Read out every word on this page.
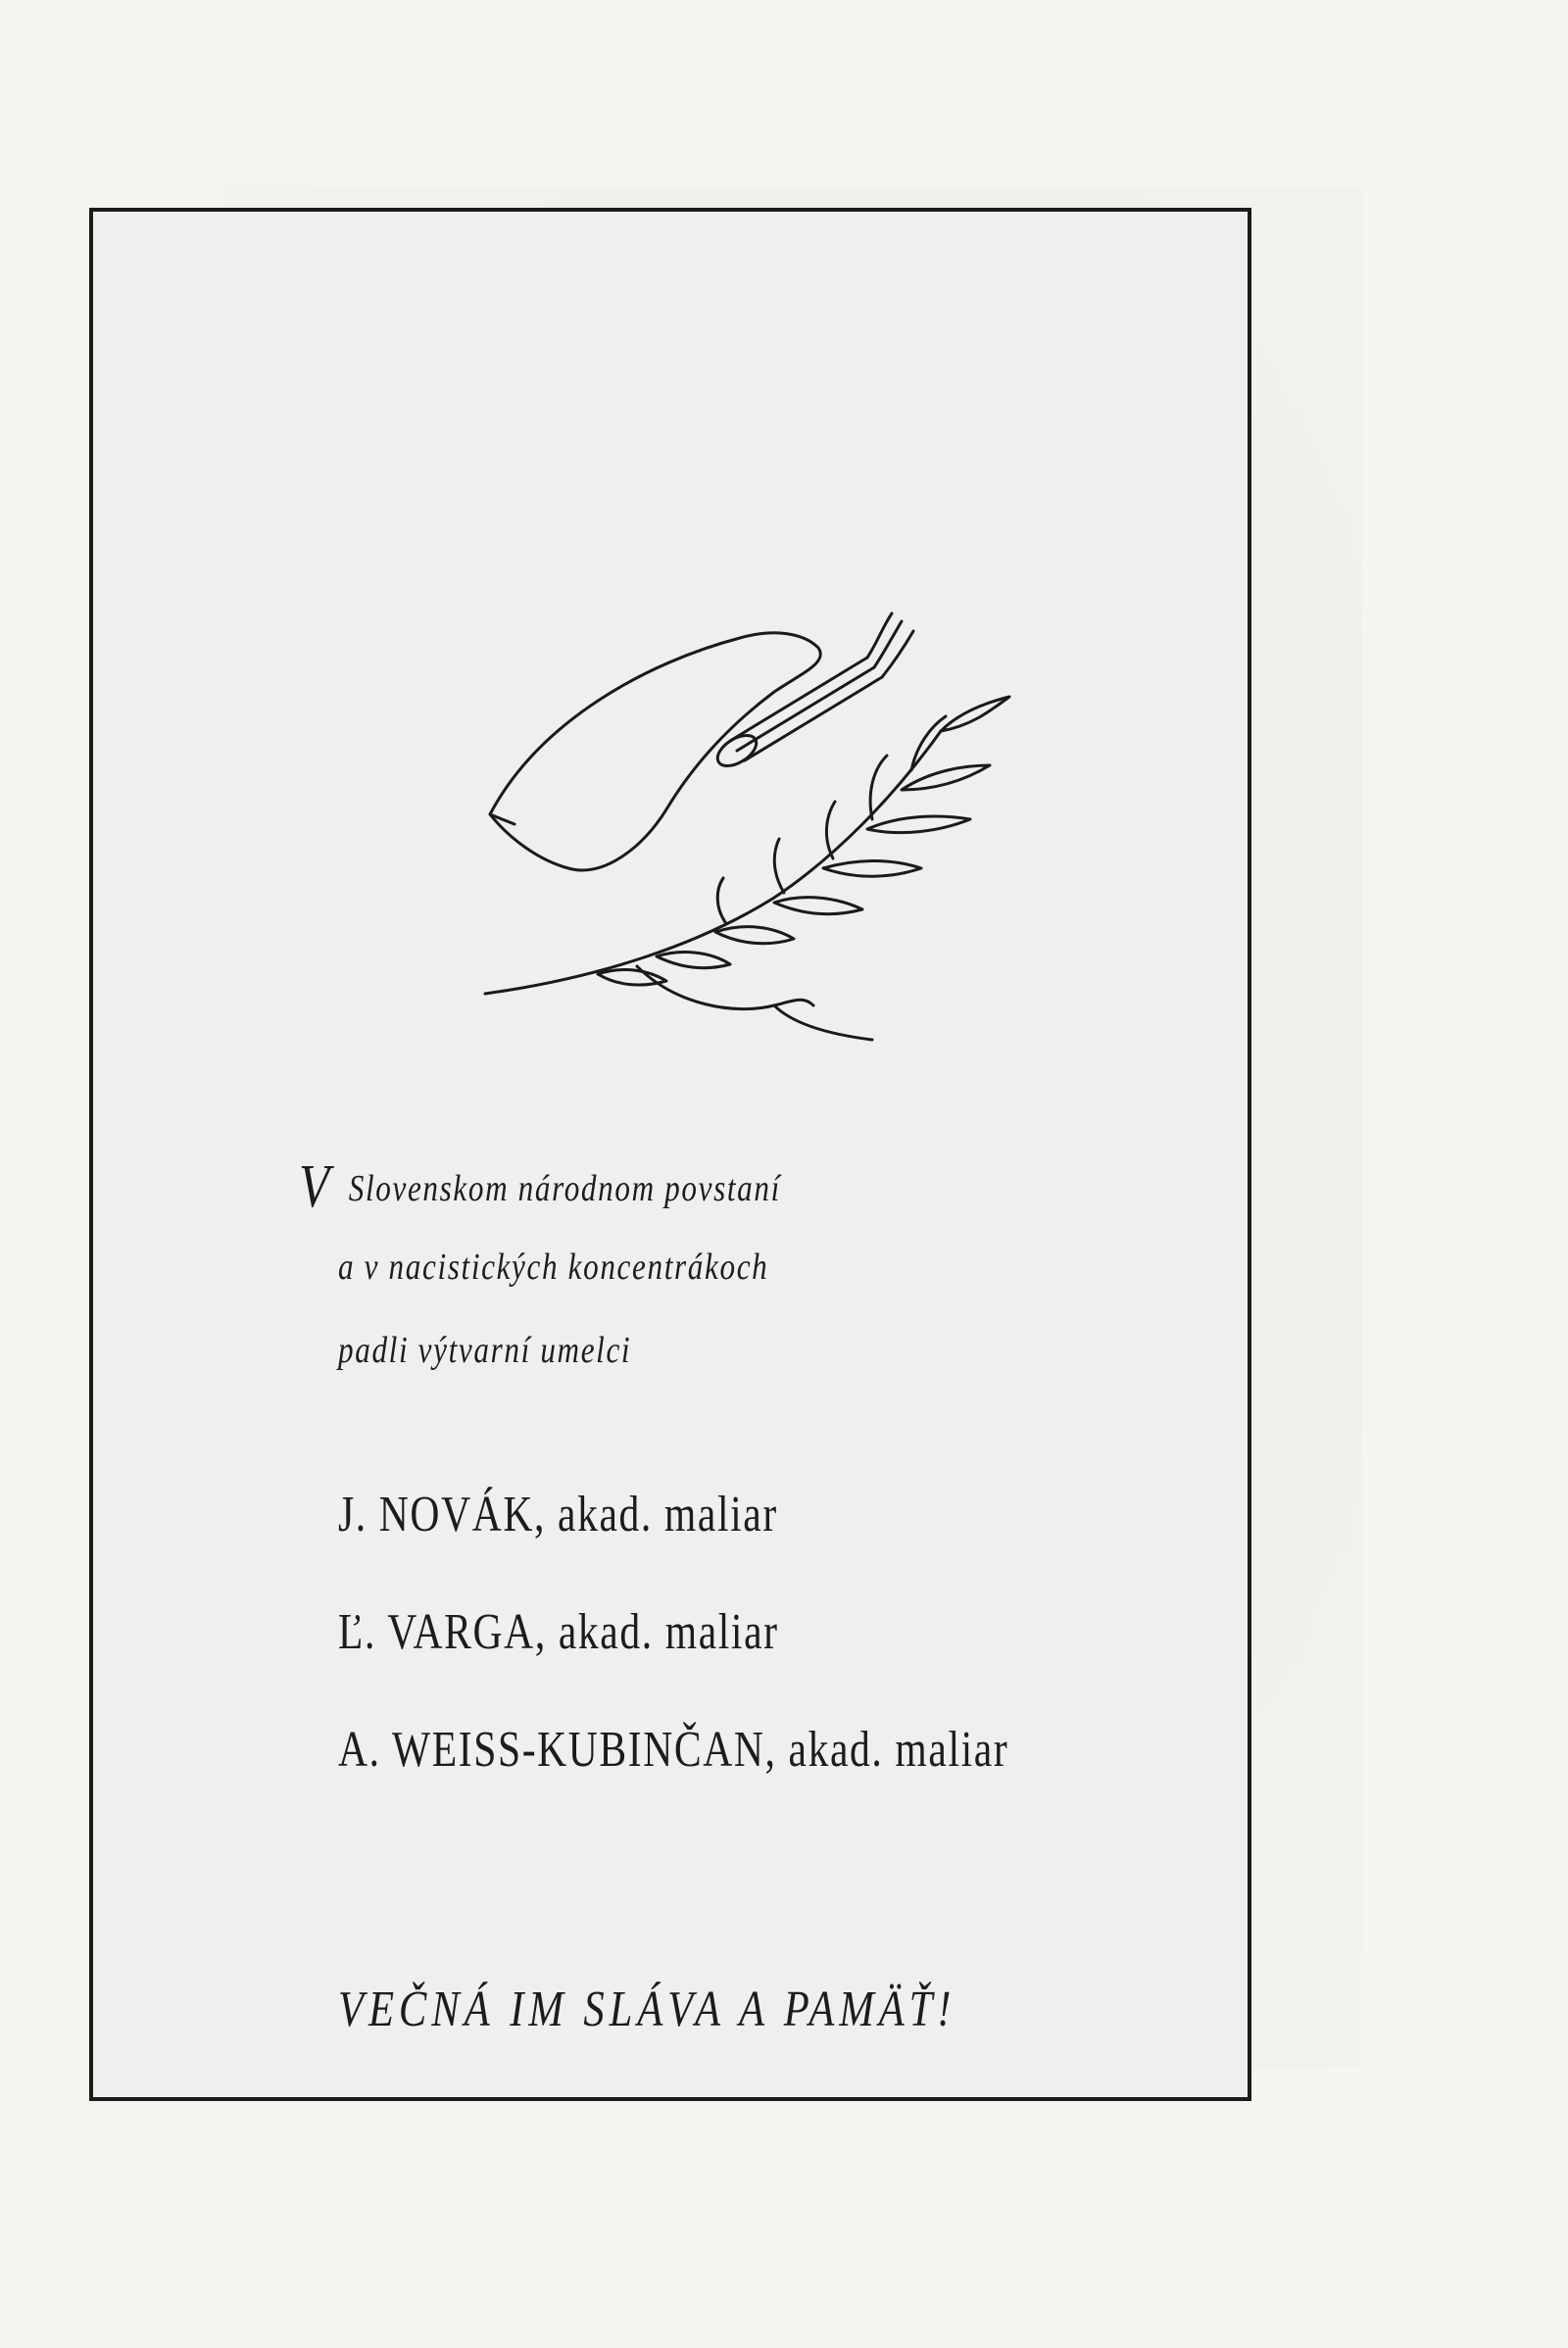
V Slovenskom národnom povstaní
a v nacistických koncentrákoch
padli výtvarní umelci
J. NOVÁK, akad. maliar
Ľ. VARGA, akad. maliar
A. WEISS-KUBINČAN, akad. maliar
VEČNÁ IM SLÁVA A PAMÄŤ!
